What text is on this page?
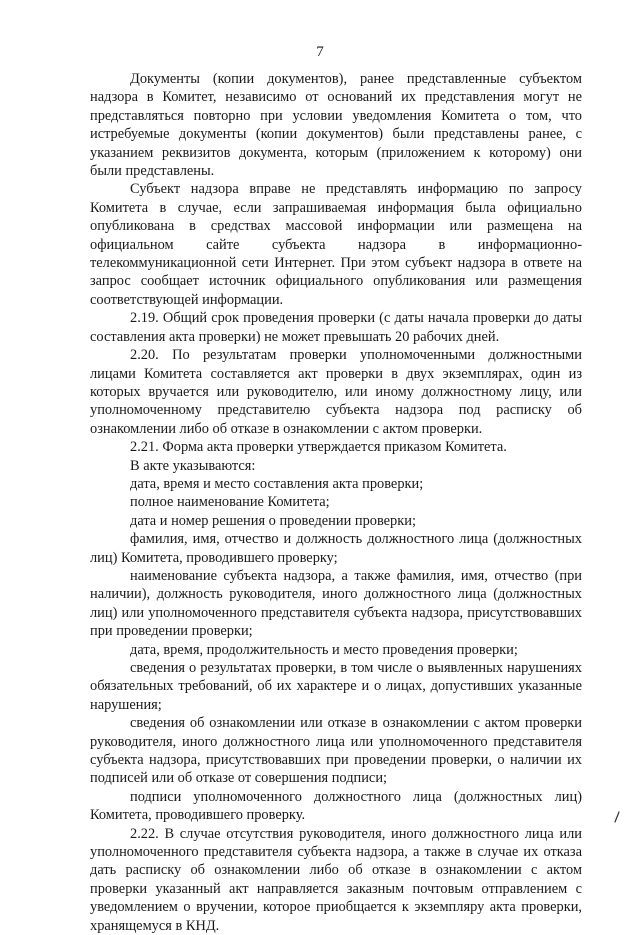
7

Документы (копии документов), ранее представленные субъектом надзора в Комитет, независимо от оснований их представления могут не представляться повторно при условии уведомления Комитета о том, что истребуемые документы (копии документов) были представлены ранее, с указанием реквизитов документа, которым (приложением к которому) они были представлены.

Субъект надзора вправе не представлять информацию по запросу Комитета в случае, если запрашиваемая информация была официально опубликована в средствах массовой информации или размещена на официальном сайте субъекта надзора в информационно-телекоммуникационной сети Интернет. При этом субъект надзора в ответе на запрос сообщает источник официального опубликования или размещения соответствующей информации.

2.19. Общий срок проведения проверки (с даты начала проверки до даты составления акта проверки) не может превышать 20 рабочих дней.

2.20. По результатам проверки уполномоченными должностными лицами Комитета составляется акт проверки в двух экземплярах, один из которых вручается или руководителю, или иному должностному лицу, или уполномоченному представителю субъекта надзора под расписку об ознакомлении либо об отказе в ознакомлении с актом проверки.

2.21. Форма акта проверки утверждается приказом Комитета.

В акте указываются:

дата, время и место составления акта проверки;

полное наименование Комитета;

дата и номер решения о проведении проверки;

фамилия, имя, отчество и должность должностного лица (должностных лиц) Комитета, проводившего проверку;

наименование субъекта надзора, а также фамилия, имя, отчество (при наличии), должность руководителя, иного должностного лица (должностных лиц) или уполномоченного представителя субъекта надзора, присутствовавших при проведении проверки;

дата, время, продолжительность и место проведения проверки;

сведения о результатах проверки, в том числе о выявленных нарушениях обязательных требований, об их характере и о лицах, допустивших указанные нарушения;

сведения об ознакомлении или отказе в ознакомлении с актом проверки руководителя, иного должностного лица или уполномоченного представителя субъекта надзора, присутствовавших при проведении проверки, о наличии их подписей или об отказе от совершения подписи;

подписи уполномоченного должностного лица (должностных лиц) Комитета, проводившего проверку.

2.22. В случае отсутствия руководителя, иного должностного лица или уполномоченного представителя субъекта надзора, а также в случае их отказа дать расписку об ознакомлении либо об отказе в ознакомлении с актом проверки указанный акт направляется заказным почтовым отправлением с уведомлением о вручении, которое приобщается к экземпляру акта проверки, хранящемуся в КНД.
